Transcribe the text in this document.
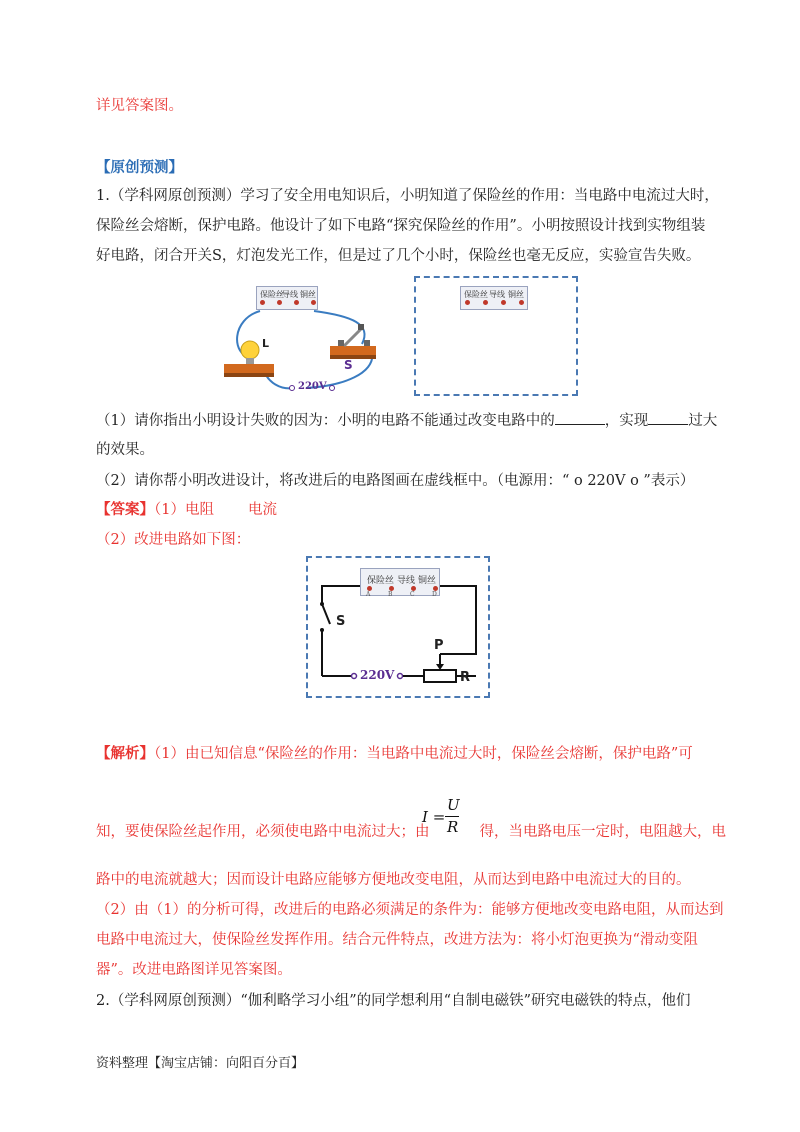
详见答案图。
【原创预测】
1.（学科网原创预测）学习了安全用电知识后，小明知道了保险丝的作用：当电路中电流过大时，
保险丝会熔断，保护电路。他设计了如下电路“探究保险丝的作用”。小明按照设计找到实物组装
好电路，闭合开关S，灯泡发光工作，但是过了几个小时，保险丝也毫无反应，实验宣告失败。
保险丝
导线 铜丝
L
S
220V
保险丝 导线 铜丝
（1）请你指出小明设计失败的因为：小明的电路不能通过改变电路中的	，实现	过大
的效果。
（2）请你帮小明改进设计，将改进后的电路图画在虚线框中。（电源用：“ o 220V o ”表示）
【答案】（1）电阻 电流
（2）改进电路如下图：
保险丝 导线 铜丝
A	B	C	D
S
P
R
220V
【解析】（1）由已知信息“保险丝的作用：当电路中电流过大时，保险丝会熔断，保护电路”可
I =
U
R
知，要使保险丝起作用，必须使电路中电流过大；由	得，当电路电压一定时，电阻越大，电
路中的电流就越大；因而设计电路应能够方便地改变电阻，从而达到电路中电流过大的目的。
（2）由（1）的分析可得，改进后的电路必须满足的条件为：能够方便地改变电路电阻，从而达到
电路中电流过大，使保险丝发挥作用。结合元件特点，改进方法为：将小灯泡更换为“滑动变阻
器”。改进电路图详见答案图。
2.（学科网原创预测）“伽利略学习小组”的同学想利用“自制电磁铁”研究电磁铁的特点，他们
资料整理【淘宝店铺：向阳百分百】
